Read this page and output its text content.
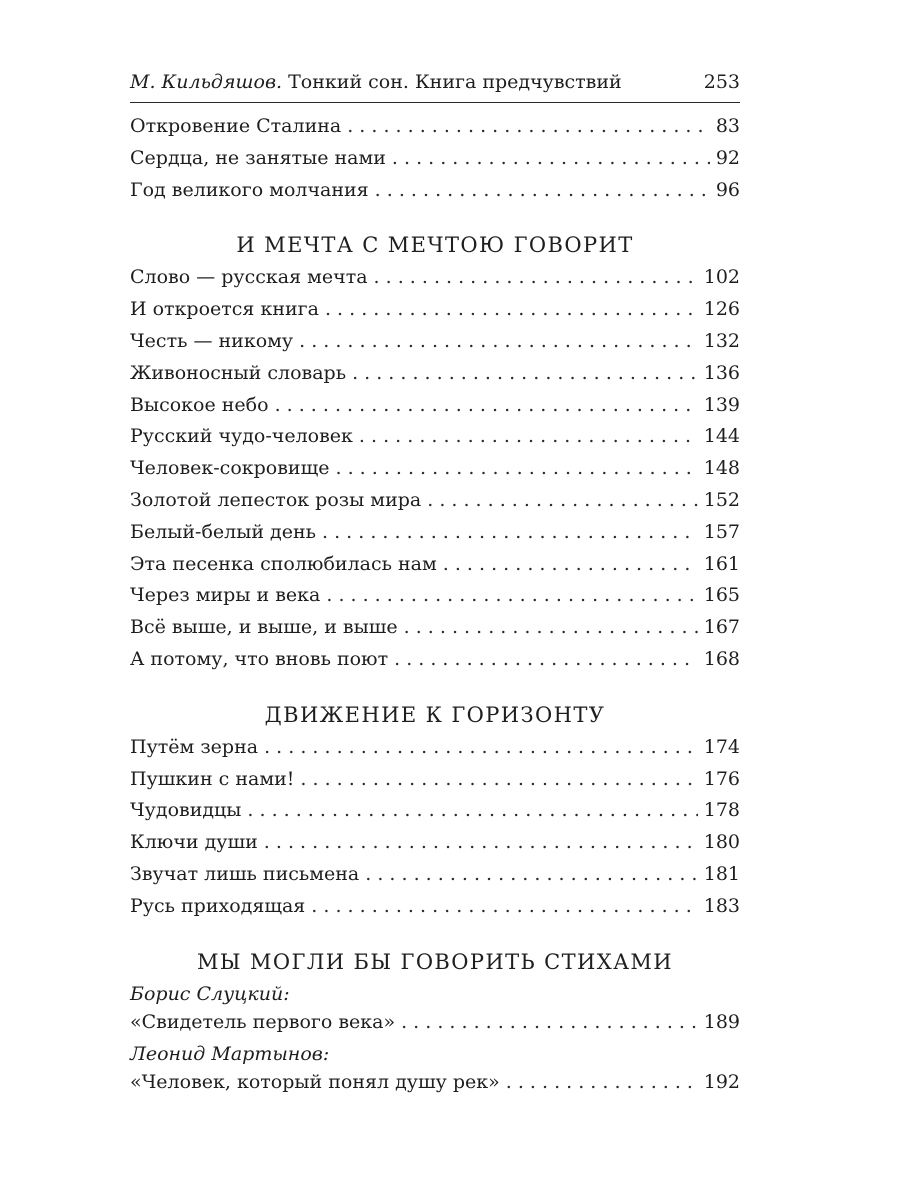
М. Кильдяшов. Тонкий сон. Книга предчувствий	253
Откровение Сталина . . .	83
Сердца, не занятые нами . . .	92
Год великого молчания . . .	96
И МЕЧТА С МЕЧТОЮ ГОВОРИТ
Слово — русская мечта . . .	102
И откроется книга . . .	126
Честь — никому . . .	132
Живоносный словарь . . .	136
Высокое небо . . .	139
Русский чудо-человек . . .	144
Человек-сокровище . . .	148
Золотой лепесток розы мира . . .	152
Белый-белый день . . .	157
Эта песенка сполюбилась нам . . .	161
Через миры и века . . .	165
Всё выше, и выше, и выше . . .	167
А потому, что вновь поют . . .	168
ДВИЖЕНИЕ К ГОРИЗОНТУ
Путём зерна . . .	174
Пушкин с нами! . . .	176
Чудовидцы . . .	178
Ключи души . . .	180
Звучат лишь письмена . . .	181
Русь приходящая . . .	183
МЫ МОГЛИ БЫ ГОВОРИТЬ СТИХАМИ
Борис Слуцкий:
«Свидетель первого века» . . .	189
Леонид Мартынов:
«Человек, который понял душу рек» . . .	192
